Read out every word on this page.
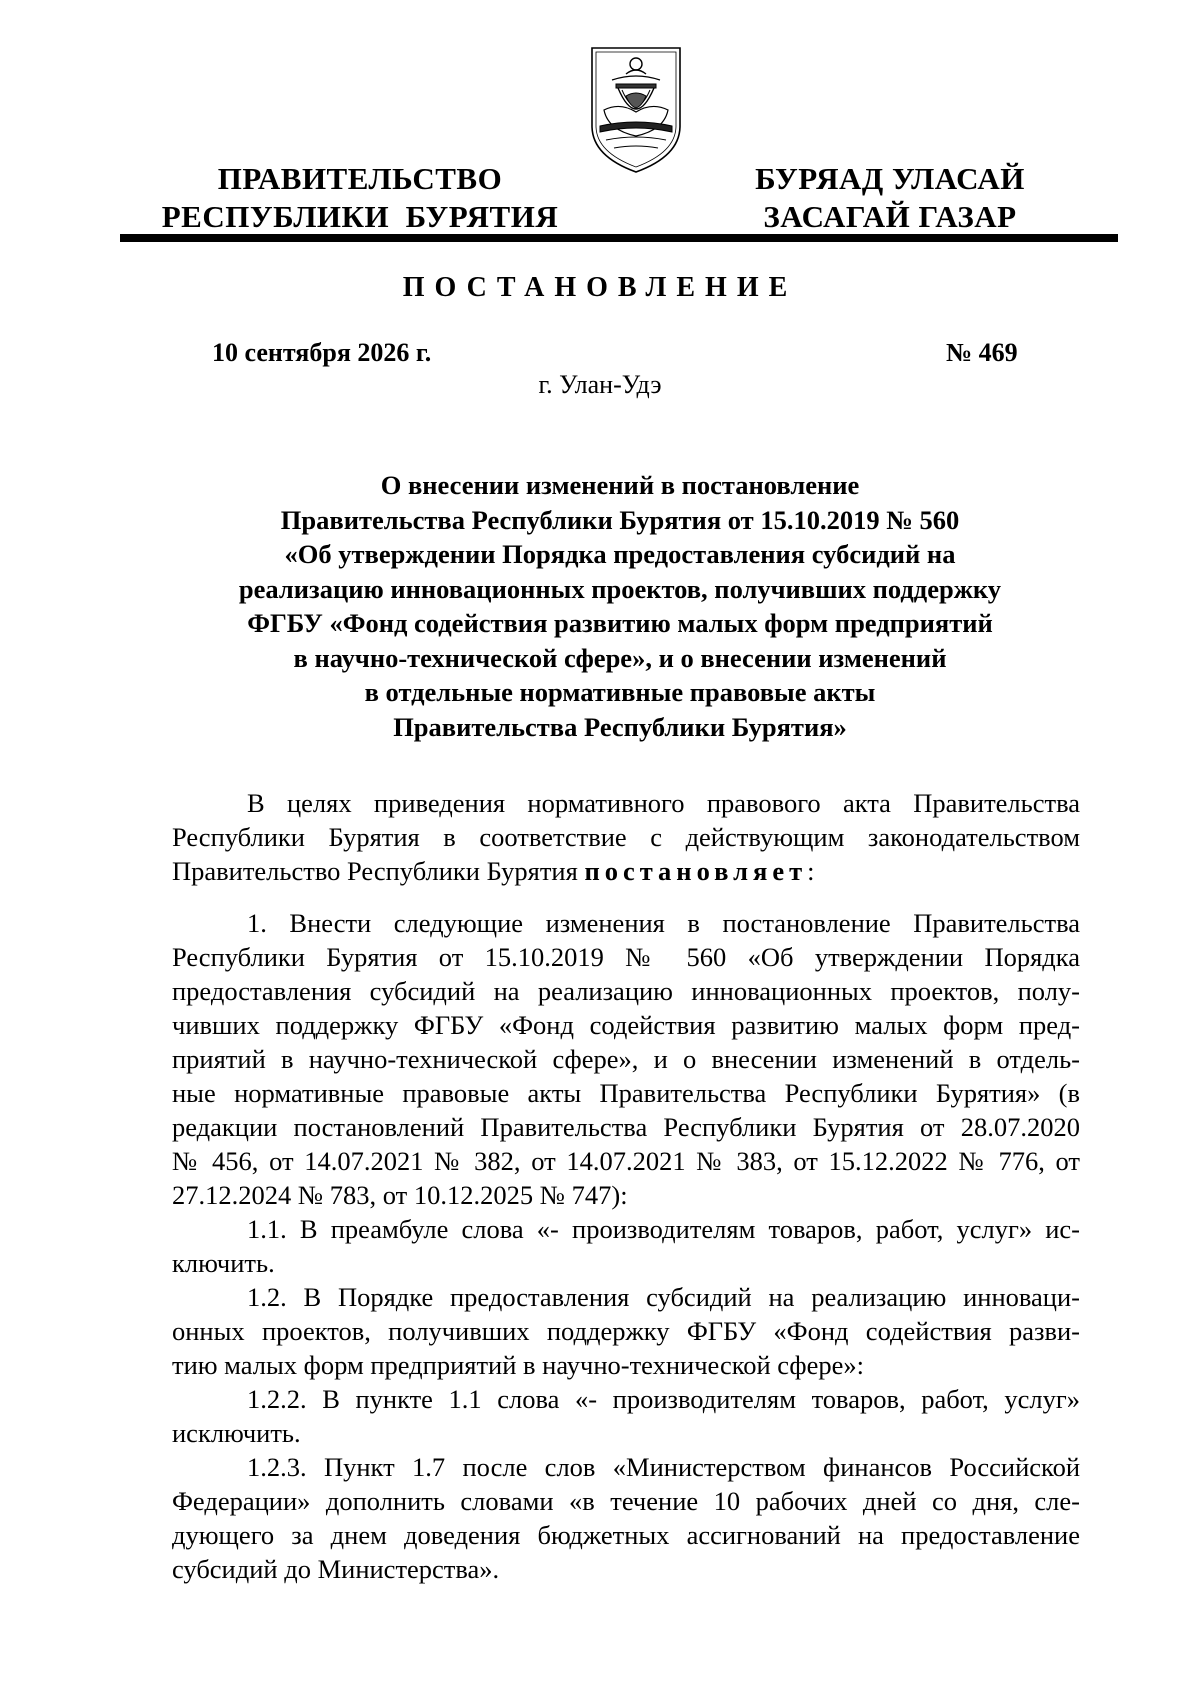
ПРАВИТЕЛЬСТВО
РЕСПУБЛИКИ  БУРЯТИЯ
БУРЯАД УЛАСАЙ
ЗАСАГАЙ ГАЗАР
ПОСТАНОВЛЕНИЕ
10 сентября 2026 г.	№ 469
г. Улан-Удэ
О внесении изменений в постановление
Правительства Республики Бурятия от 15.10.2019 № 560
«Об утверждении Порядка предоставления субсидий на
реализацию инновационных проектов, получивших поддержку
ФГБУ «Фонд содействия развитию малых форм предприятий
в научно-технической сфере», и о внесении изменений
в отдельные нормативные правовые акты
Правительства Республики Бурятия»
В целях приведения нормативного правового акта Правительства
Республики Бурятия в соответствие с действующим законодательством
Правительство Республики Бурятия постановляет:
1. Внести следующие изменения в постановление Правительства
Республики Бурятия от 15.10.2019 № 560 «Об утверждении Порядка
предоставления субсидий на реализацию инновационных проектов, полу-
чивших поддержку ФГБУ «Фонд содействия развитию малых форм пред-
приятий в научно-технической сфере», и о внесении изменений в отдель-
ные нормативные правовые акты Правительства Республики Бурятия» (в
редакции постановлений Правительства Республики Бурятия от 28.07.2020
№ 456, от 14.07.2021 № 382, от 14.07.2021 № 383, от 15.12.2022 № 776, от
27.12.2024 № 783, от 10.12.2025 № 747):
1.1. В преамбуле слова «- производителям товаров, работ, услуг» ис-
ключить.
1.2. В Порядке предоставления субсидий на реализацию инноваци-
онных проектов, получивших поддержку ФГБУ «Фонд содействия разви-
тию малых форм предприятий в научно-технической сфере»:
1.2.2. В пункте 1.1 слова «- производителям товаров, работ, услуг»
исключить.
1.2.3. Пункт 1.7 после слов «Министерством финансов Российской
Федерации» дополнить словами «в течение 10 рабочих дней со дня, сле-
дующего за днем доведения бюджетных ассигнований на предоставление
субсидий до Министерства».
